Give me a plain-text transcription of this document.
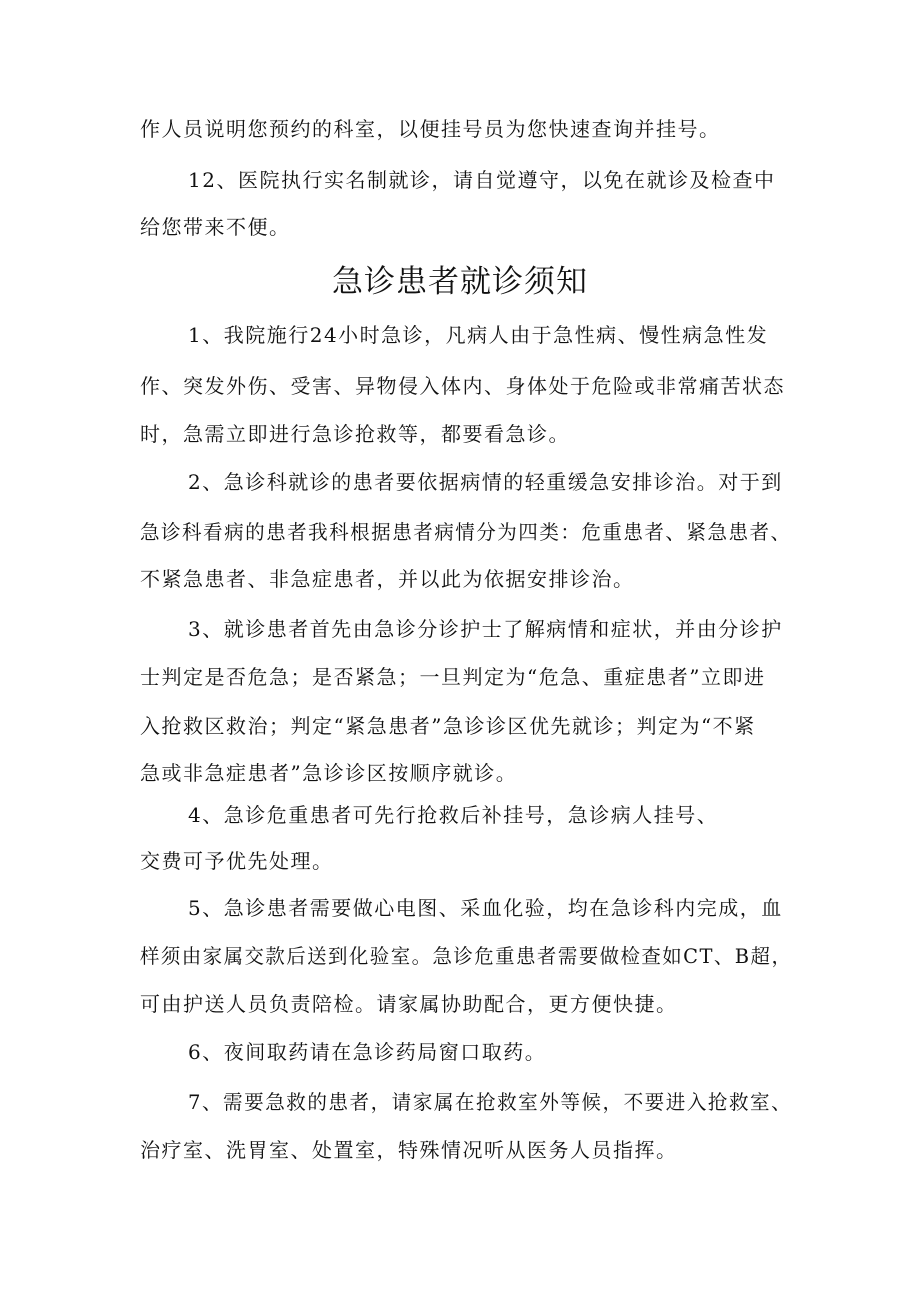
作人员说明您预约的科室，以便挂号员为您快速查询并挂号。
12、医院执行实名制就诊，请自觉遵守，以免在就诊及检查中
给您带来不便。
急诊患者就诊须知
1、我院施行24小时急诊，凡病人由于急性病、慢性病急性发
作、突发外伤、受害、异物侵入体内、身体处于危险或非常痛苦状态
时，急需立即进行急诊抢救等，都要看急诊。
2、急诊科就诊的患者要依据病情的轻重缓急安排诊治。对于到
急诊科看病的患者我科根据患者病情分为四类：危重患者、紧急患者、
不紧急患者、非急症患者，并以此为依据安排诊治。
3、就诊患者首先由急诊分诊护士了解病情和症状，并由分诊护
士判定是否危急；是否紧急；一旦判定为“危急、重症患者”立即进
入抢救区救治；判定“紧急患者”急诊诊区优先就诊；判定为“不紧
急或非急症患者”急诊诊区按顺序就诊。
4、急诊危重患者可先行抢救后补挂号，急诊病人挂号、
交费可予优先处理。
5、急诊患者需要做心电图、采血化验，均在急诊科内完成，血
样须由家属交款后送到化验室。急诊危重患者需要做检查如CT、B超，
可由护送人员负责陪检。请家属协助配合，更方便快捷。
6、夜间取药请在急诊药局窗口取药。
7、需要急救的患者，请家属在抢救室外等候，不要进入抢救室、
治疗室、洗胃室、处置室，特殊情况听从医务人员指挥。
